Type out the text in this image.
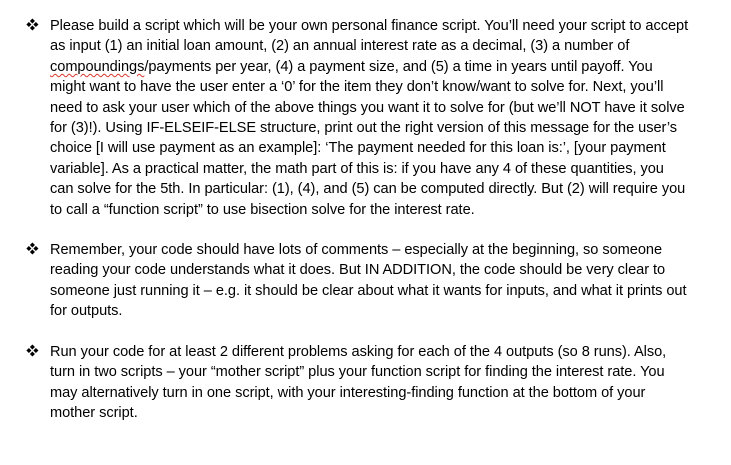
Please build a script which will be your own personal finance script. You’ll need your script to accept as input (1) an initial loan amount, (2) an annual interest rate as a decimal, (3) a number of compoundings/payments per year, (4) a payment size, and (5) a time in years until payoff. You might want to have the user enter a ‘0’ for the item they don’t know/want to solve for. Next, you’ll need to ask your user which of the above things you want it to solve for (but we’ll NOT have it solve for (3)!). Using IF-ELSEIF-ELSE structure, print out the right version of this message for the user’s choice [I will use payment as an example]: ‘The payment needed for this loan is:’, [your payment variable]. As a practical matter, the math part of this is: if you have any 4 of these quantities, you can solve for the 5th. In particular: (1), (4), and (5) can be computed directly. But (2) will require you to call a “function script” to use bisection solve for the interest rate.
Remember, your code should have lots of comments – especially at the beginning, so someone reading your code understands what it does. But IN ADDITION, the code should be very clear to someone just running it – e.g. it should be clear about what it wants for inputs, and what it prints out for outputs.
Run your code for at least 2 different problems asking for each of the 4 outputs (so 8 runs). Also, turn in two scripts – your “mother script” plus your function script for finding the interest rate. You may alternatively turn in one script, with your interesting-finding function at the bottom of your mother script.
